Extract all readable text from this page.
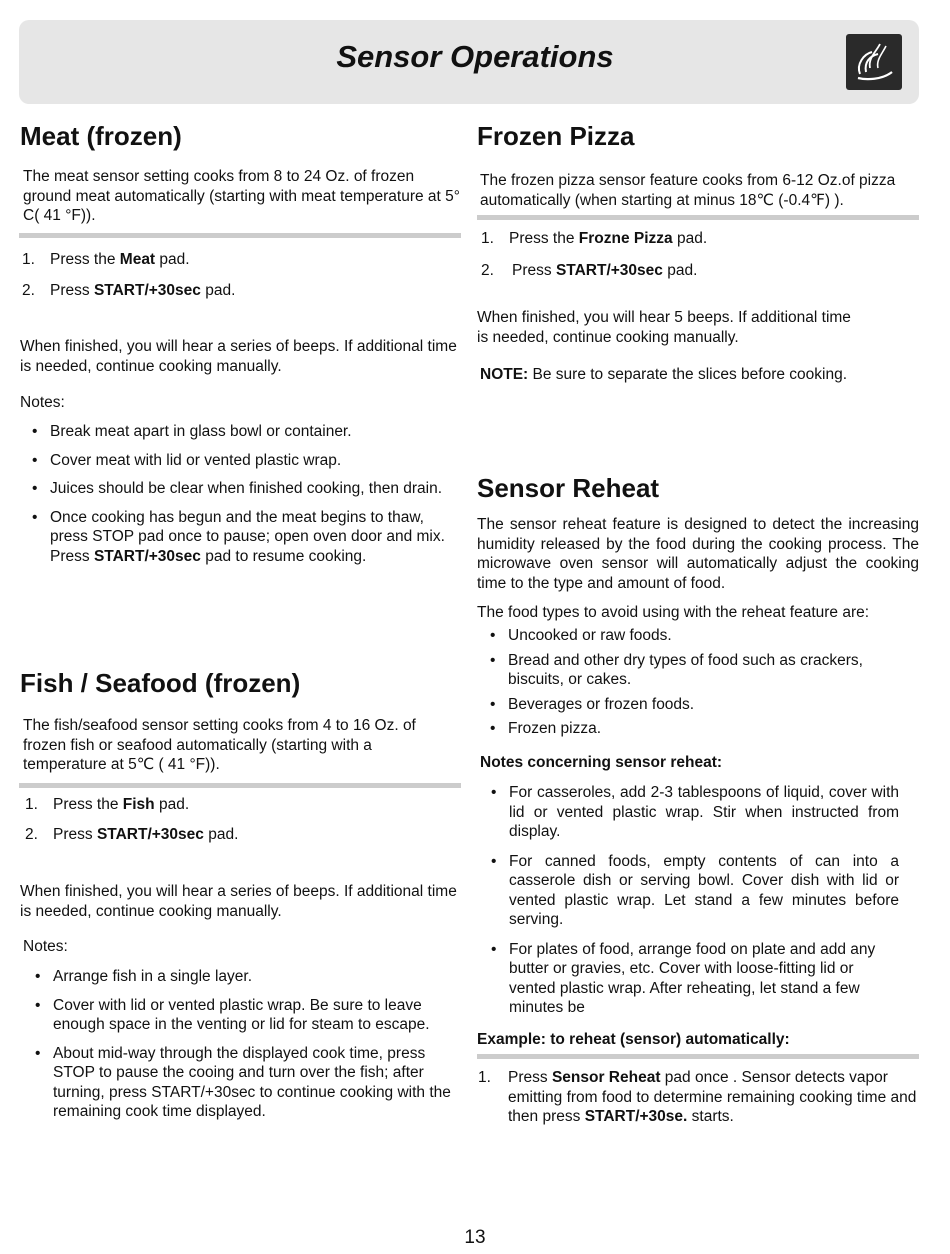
Sensor Operations
Meat (frozen)
The meat sensor setting cooks from 8 to 24 Oz. of frozen ground meat automatically (starting with meat temperature at 5° C( 41 °F)).
1. Press the Meat pad.
2. Press START/+30sec pad.
When finished, you will hear a series of beeps. If additional time is needed, continue cooking manually.
Notes:
• Break meat apart in glass bowl or container.
• Cover meat with lid or vented plastic wrap.
• Juices should be clear when finished cooking, then drain.
• Once cooking has begun and the meat begins to thaw, press STOP pad once to pause; open oven door and mix. Press START/+30sec pad to resume cooking.
Fish / Seafood (frozen)
The fish/seafood sensor setting cooks from 4 to 16 Oz. of frozen fish or seafood automatically (starting with a temperature at 5℃ ( 41 °F)).
1. Press the Fish pad.
2. Press START/+30sec pad.
When finished, you will hear a series of beeps. If additional time is needed, continue cooking manually.
Notes:
• Arrange fish in a single layer.
• Cover with lid or vented plastic wrap. Be sure to leave enough space in the venting or lid for steam to escape.
• About mid-way through the displayed cook time, press STOP to pause the cooing and turn over the fish; after turning, press START/+30sec to continue cooking with the remaining cook time displayed.
Frozen Pizza
The frozen pizza sensor feature cooks from 6-12 Oz.of pizza automatically (when starting at minus 18℃ (-0.4℉) ).
1. Press the Frozne Pizza pad.
2. Press START/+30sec pad.
When finished, you will hear 5 beeps. If additional time is needed, continue cooking manually.
NOTE: Be sure to separate the slices before cooking.
Sensor Reheat
The sensor reheat feature is designed to detect the increasing humidity released by the food during the cooking process. The microwave oven sensor will automatically adjust the cooking time to the type and amount of food.
The food types to avoid using with the reheat feature are:
• Uncooked or raw foods.
• Bread and other dry types of food such as crackers, biscuits, or cakes.
• Beverages or frozen foods.
• Frozen pizza.
Notes concerning sensor reheat:
• For casseroles, add 2-3 tablespoons of liquid, cover with lid or vented plastic wrap. Stir when instructed from display.
• For canned foods, empty contents of can into a casserole dish or serving bowl. Cover dish with lid or vented plastic wrap. Let stand a few minutes before serving.
• For plates of food, arrange food on plate and add any butter or gravies, etc. Cover with loose-fitting lid or vented plastic wrap. After reheating, let stand a few minutes be
Example: to reheat (sensor) automatically:
1. Press Sensor Reheat pad once . Sensor detects vapor emitting from food to determine remaining cooking time and then press START/+30se. starts.
13
